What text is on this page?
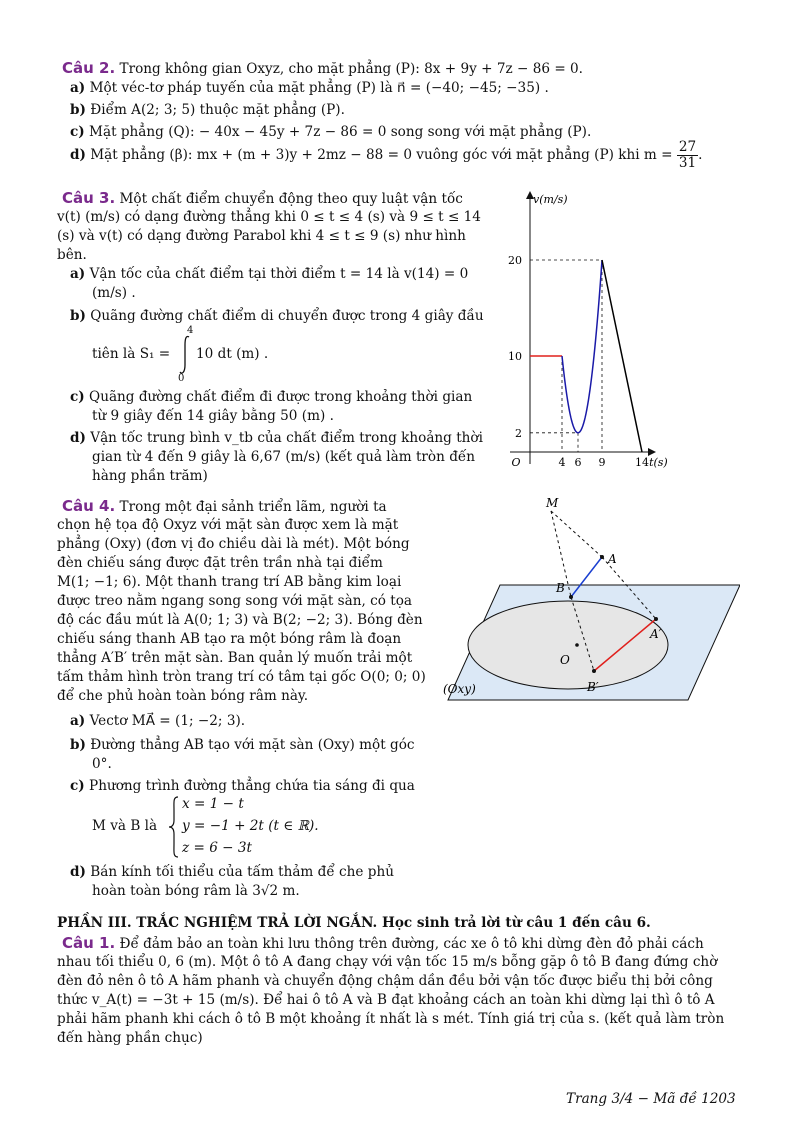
Câu 2. Trong không gian Oxyz, cho mặt phẳng (P): 8x + 9y + 7z − 86 = 0.
a) Một véc-tơ pháp tuyến của mặt phẳng (P) là n⃗ = (−40; −45; −35) .
b) Điểm A(2; 3; 5) thuộc mặt phẳng (P).
c) Mặt phẳng (Q): − 40x − 45y + 7z − 86 = 0 song song với mặt phẳng (P).
d) Mặt phẳng (β): mx + (m + 3)y + 2mz − 88 = 0 vuông góc với mặt phẳng (P) khi $m = \frac{27}{31}$ .
Câu 3. Một chất điểm chuyển động theo quy luật vận tốc
v(t) (m/s) có dạng đường thẳng khi 0 ≤ t ≤ 4 (s) và 9 ≤ t ≤ 14
(s) và v(t) có dạng đường Parabol khi 4 ≤ t ≤ 9 (s) như hình
bên.
a) Vận tốc của chất điểm tại thời điểm t = 14 là v(14) = 0
(m/s) .
b) Quãng đường chất điểm di chuyển được trong 4 giây đầu
tiên là S₁ =
4
0
10 dt (m) .
c) Quãng đường chất điểm đi được trong khoảng thời gian
từ 9 giây đến 14 giây bằng 50 (m) .
d) Vận tốc trung bình v_tb của chất điểm trong khoảng thời
gian từ 4 đến 9 giây là 6,67 (m/s) (kết quả làm tròn đến
hàng phần trăm)
4 6 9	14
2
10
20
O	t(s)
v(m/s)
Câu 4. Trong một đại sảnh triển lãm, người ta
chọn hệ tọa độ Oxyz với mặt sàn được xem là mặt
phẳng (Oxy) (đơn vị đo chiều dài là mét). Một bóng
đèn chiếu sáng được đặt trên trần nhà tại điểm
M(1; −1; 6). Một thanh trang trí AB bằng kim loại
được treo nằm ngang song song với mặt sàn, có tọa
độ các đầu mút là A(0; 1; 3) và B(2; −2; 3). Bóng đèn
chiếu sáng thanh AB tạo ra một bóng râm là đoạn
thẳng A′B′ trên mặt sàn. Ban quản lý muốn trải một
tấm thảm hình tròn trang trí có tâm tại gốc O(0; 0; 0)
để che phủ hoàn toàn bóng râm này.
a) Vectơ MA⃗ = (1; −2; 3).
b) Đường thẳng AB tạo với mặt sàn (Oxy) một góc
0°.
c) Phương trình đường thẳng chứa tia sáng đi qua
M và B là
x = 1 − t
y = −1 + 2t (t ∈ ℝ).
z = 6 − 3t
d) Bán kính tối thiểu của tấm thảm để che phủ
hoàn toàn bóng râm là 3√2 m.
M
A
B
O
A′
B′
(Oxy)
PHẦN III. TRẮC NGHIỆM TRẢ LỜI NGẮN. Học sinh trả lời từ câu 1 đến câu 6.
Câu 1. Để đảm bảo an toàn khi lưu thông trên đường, các xe ô tô khi dừng đèn đỏ phải cách
nhau tối thiểu 0, 6 (m). Một ô tô A đang chạy với vận tốc 15 m/s bỗng gặp ô tô B đang đứng chờ
đèn đỏ nên ô tô A hãm phanh và chuyển động chậm dần đều bởi vận tốc được biểu thị bởi công
thức v_A(t) = −3t + 15 (m/s). Để hai ô tô A và B đạt khoảng cách an toàn khi dừng lại thì ô tô A
phải hãm phanh khi cách ô tô B một khoảng ít nhất là s mét. Tính giá trị của s. (kết quả làm tròn
đến hàng phần chục)
Trang 3/4 − Mã đề 1203
